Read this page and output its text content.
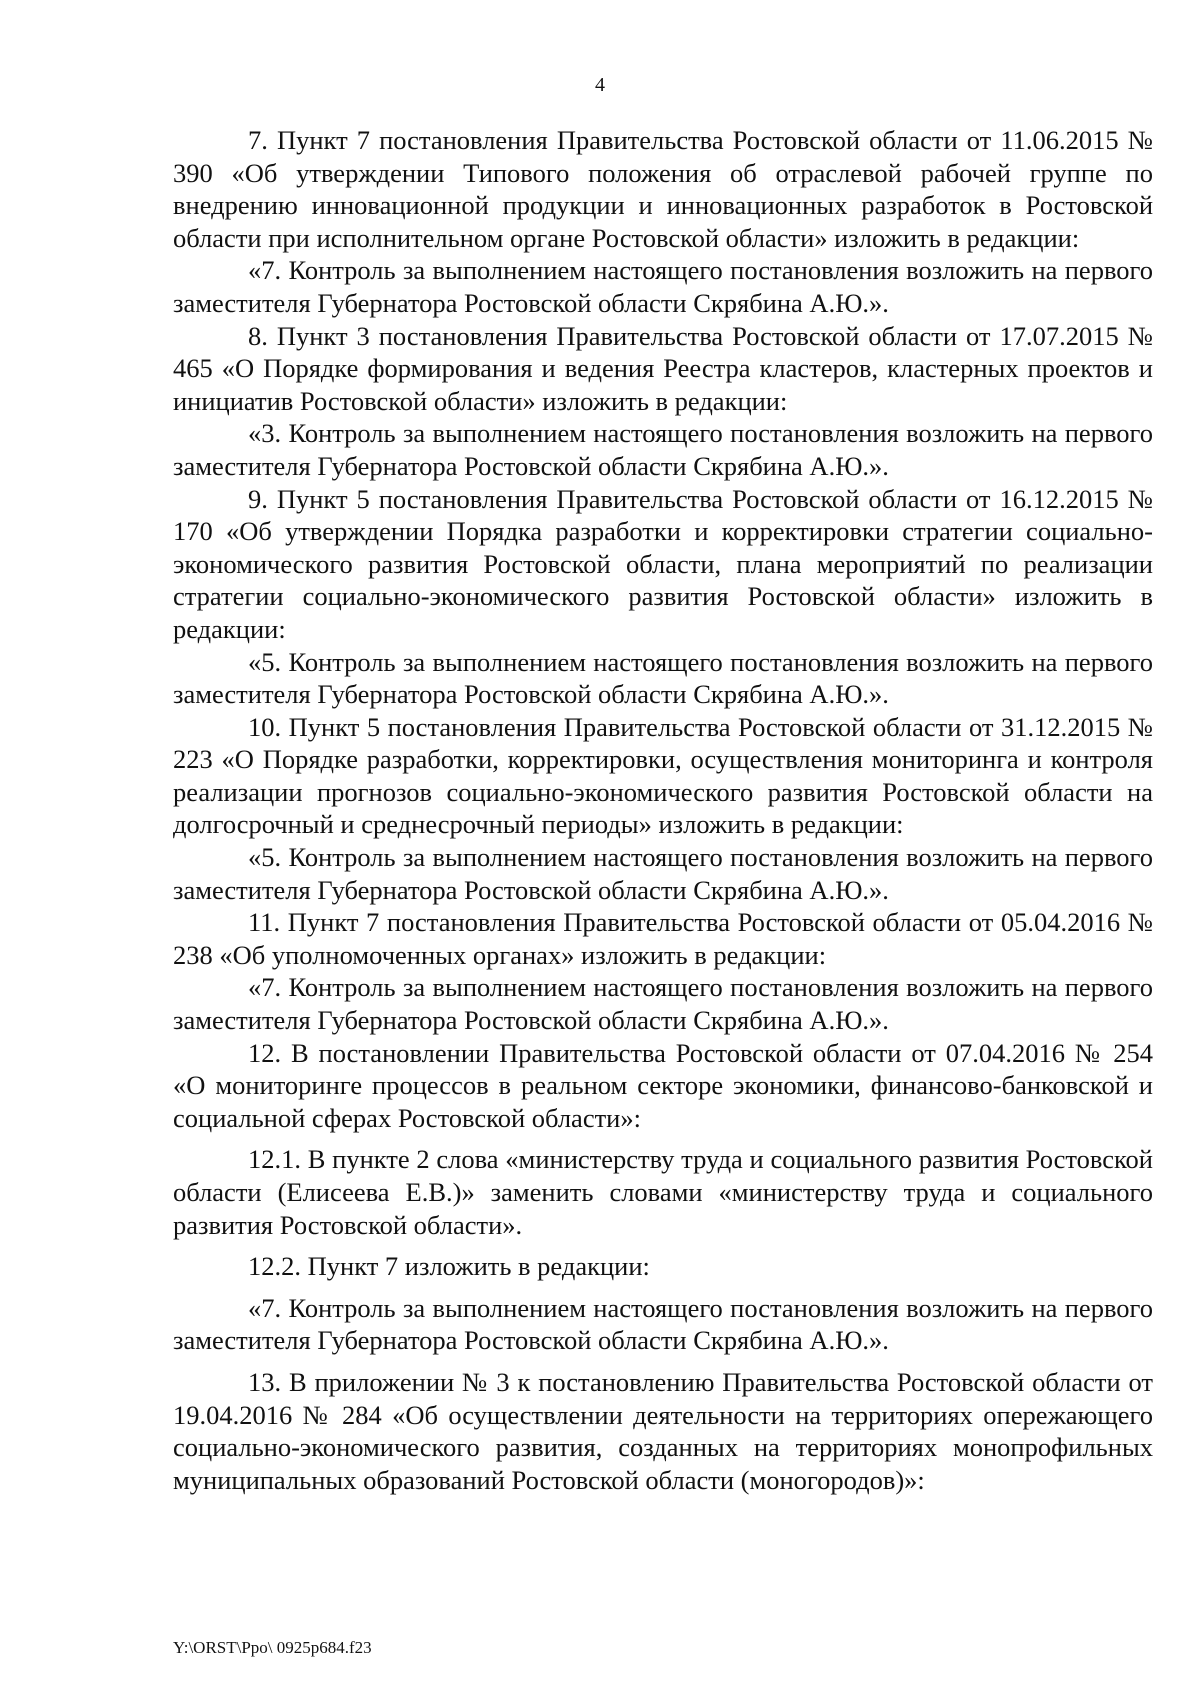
4

7. Пункт 7 постановления Правительства Ростовской области от 11.06.2015 № 390 «Об утверждении Типового положения об отраслевой рабочей группе по внедрению инновационной продукции и инновационных разработок в Ростовской области при исполнительном органе Ростовской области» изложить в редакции:

«7. Контроль за выполнением настоящего постановления возложить на первого заместителя Губернатора Ростовской области Скрябина А.Ю.».

8. Пункт 3 постановления Правительства Ростовской области от 17.07.2015 № 465 «О Порядке формирования и ведения Реестра кластеров, кластерных проектов и инициатив Ростовской области» изложить в редакции:

«3. Контроль за выполнением настоящего постановления возложить на первого заместителя Губернатора Ростовской области Скрябина А.Ю.».

9. Пункт 5 постановления Правительства Ростовской области от 16.12.2015 № 170 «Об утверждении Порядка разработки и корректировки стратегии социально-экономического развития Ростовской области, плана мероприятий по реализации стратегии социально-экономического развития Ростовской области» изложить в редакции:

«5. Контроль за выполнением настоящего постановления возложить на первого заместителя Губернатора Ростовской области Скрябина А.Ю.».

10. Пункт 5 постановления Правительства Ростовской области от 31.12.2015 № 223 «О Порядке разработки, корректировки, осуществления мониторинга и контроля реализации прогнозов социально-экономического развития Ростовской области на долгосрочный и среднесрочный периоды» изложить в редакции:

«5. Контроль за выполнением настоящего постановления возложить на первого заместителя Губернатора Ростовской области Скрябина А.Ю.».

11. Пункт 7 постановления Правительства Ростовской области от 05.04.2016 № 238 «Об уполномоченных органах» изложить в редакции:

«7. Контроль за выполнением настоящего постановления возложить на первого заместителя Губернатора Ростовской области Скрябина А.Ю.».

12. В постановлении Правительства Ростовской области от 07.04.2016 № 254 «О мониторинге процессов в реальном секторе экономики, финансово-банковской и социальной сферах Ростовской области»:

12.1. В пункте 2 слова «министерству труда и социального развития Ростовской области (Елисеева Е.В.)» заменить словами «министерству труда и социального развития Ростовской области».

12.2. Пункт 7 изложить в редакции:

«7. Контроль за выполнением настоящего постановления возложить на первого заместителя Губернатора Ростовской области Скрябина А.Ю.».

13. В приложении № 3 к постановлению Правительства Ростовской области от 19.04.2016 № 284 «Об осуществлении деятельности на территориях опережающего социально-экономического развития, созданных на территориях монопрофильных муниципальных образований Ростовской области (моногородов)»:

Y:\ORST\Ppo\ 0925p684.f23
